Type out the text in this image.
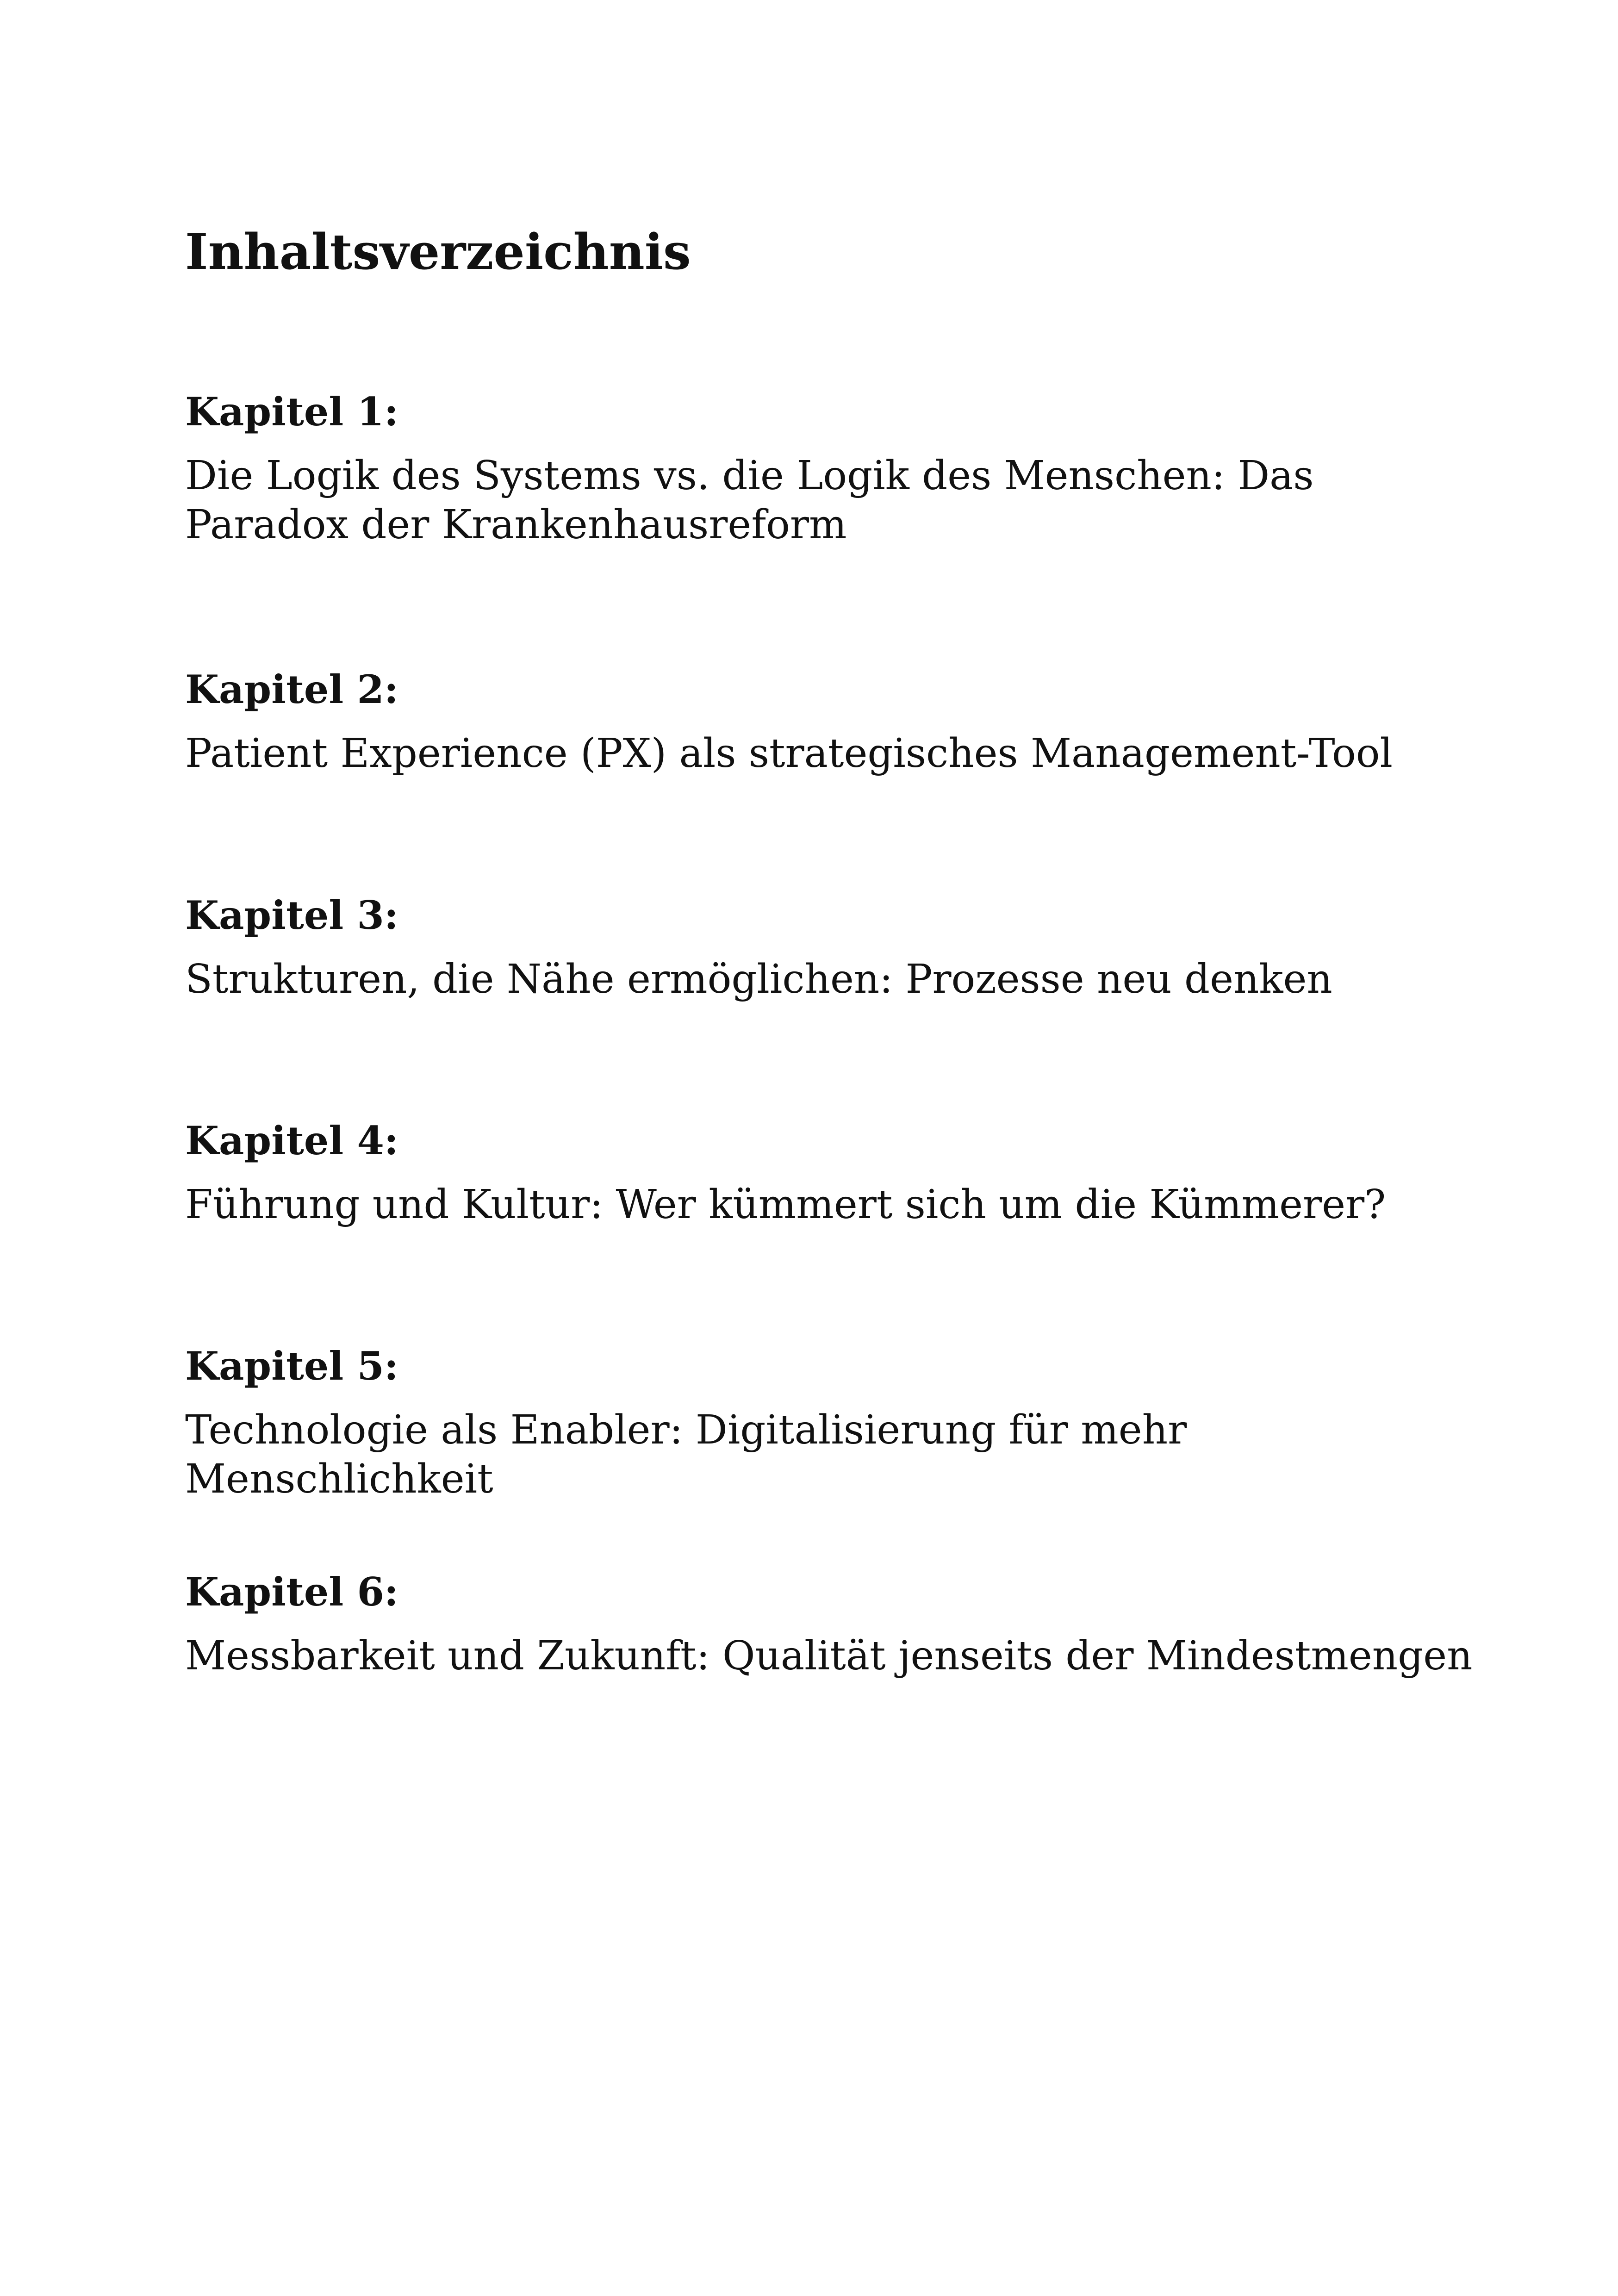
Inhaltsverzeichnis
Kapitel 1:
Die Logik des Systems vs. die Logik des Menschen: Das Paradox der Krankenhausreform
Kapitel 2:
Patient Experience (PX) als strategisches Management-Tool
Kapitel 3:
Strukturen, die Nähe ermöglichen: Prozesse neu denken
Kapitel 4:
Führung und Kultur: Wer kümmert sich um die Kümmerer?
Kapitel 5:
Technologie als Enabler: Digitalisierung für mehr Menschlichkeit
Kapitel 6:
Messbarkeit und Zukunft: Qualität jenseits der Mindestmengen
